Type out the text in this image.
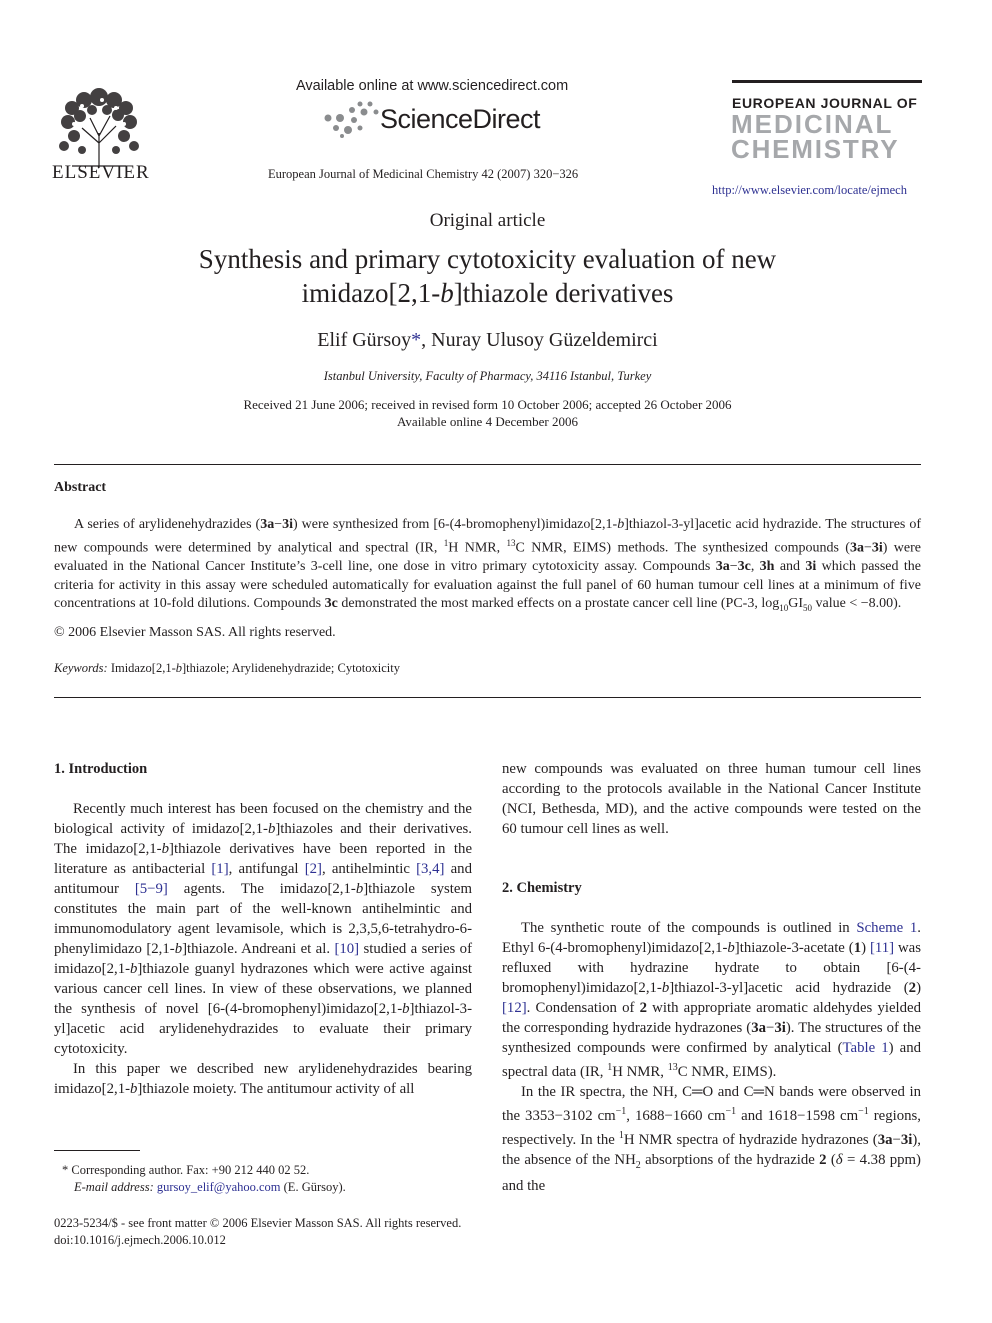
ELSEVIER
Available online at www.sciencedirect.com
ScienceDirect
European Journal of Medicinal Chemistry 42 (2007) 320−326
EUROPEAN JOURNAL OF
MEDICINAL
CHEMISTRY
http://www.elsevier.com/locate/ejmech
Original article
Synthesis and primary cytotoxicity evaluation of new
imidazo[2,1-b]thiazole derivatives
Elif Gürsoy*, Nuray Ulusoy Güzeldemirci
Istanbul University, Faculty of Pharmacy, 34116 Istanbul, Turkey
Received 21 June 2006; received in revised form 10 October 2006; accepted 26 October 2006
Available online 4 December 2006
Abstract

A series of arylidenehydrazides (3a−3i) were synthesized from [6-(4-bromophenyl)imidazo[2,1-b]thiazol-3-yl]acetic acid hydrazide. The structures of new compounds were determined by analytical and spectral (IR, $^1$H NMR, $^{13}$C NMR, EIMS) methods. The synthesized compounds (3a−3i) were evaluated in the National Cancer Institute’s 3-cell line, one dose in vitro primary cytotoxicity assay. Compounds 3a−3c, 3h and 3i which passed the criteria for activity in this assay were scheduled automatically for evaluation against the full panel of 60 human tumour cell lines at a minimum of five concentrations at 10-fold dilutions. Compounds 3c demonstrated the most marked effects on a prostate cancer cell line (PC-3, $\log_{10}GI_{50}$ value < −8.00).

© 2006 Elsevier Masson SAS. All rights reserved.
Keywords: Imidazo[2,1-b]thiazole; Arylidenehydrazide; Cytotoxicity
1. Introduction

Recently much interest has been focused on the chemistry and the biological activity of imidazo[2,1-b]thiazoles and their derivatives. The imidazo[2,1-b]thiazole derivatives have been reported in the literature as antibacterial [1], antifungal [2], antihelmintic [3,4] and antitumour [5−9] agents. The imidazo[2,1-b]thiazole system constitutes the main part of the well-known antihelmintic and immunomodulatory agent levamisole, which is 2,3,5,6-tetrahydro-6-phenylimidazo [2,1-b]thiazole. Andreani et al. [10] studied a series of imidazo[2,1-b]thiazole guanyl hydrazones which were active against various cancer cell lines. In view of these observations, we planned the synthesis of novel [6-(4-bromophenyl)imidazo[2,1-b]thiazol-3-yl]acetic acid arylidenehydrazides to evaluate their primary cytotoxicity.

In this paper we described new arylidenehydrazides bearing imidazo[2,1-b]thiazole moiety. The antitumour activity of all

new compounds was evaluated on three human tumour cell lines according to the protocols available in the National Cancer Institute (NCI, Bethesda, MD), and the active compounds were tested on the 60 tumour cell lines as well.

2. Chemistry

The synthetic route of the compounds is outlined in Scheme 1. Ethyl 6-(4-bromophenyl)imidazo[2,1-b]thiazole-3-acetate (1) [11] was refluxed with hydrazine hydrate to obtain [6-(4-bromophenyl)imidazo[2,1-b]thiazol-3-yl]acetic acid hydrazide (2) [12]. Condensation of 2 with appropriate aromatic aldehydes yielded the corresponding hydrazide hydrazones (3a−3i). The structures of the synthesized compounds were confirmed by analytical (Table 1) and spectral data (IR, $^1$H NMR, $^{13}$C NMR, EIMS).

In the IR spectra, the NH, C═O and C═N bands were observed in the 3353−3102 $cm^{-1}$, 1688−1660 $cm^{-1}$ and 1618−1598 $cm^{-1}$ regions, respectively. In the $^1$H NMR spectra of hydrazide hydrazones (3a−3i), the absence of the $NH_2$ absorptions of the hydrazide 2 (δ = 4.38 ppm) and the

* Corresponding author. Fax: +90 212 440 02 52.
E-mail address: gursoy_elif@yahoo.com (E. Gürsoy).
0223-5234/$ - see front matter © 2006 Elsevier Masson SAS. All rights reserved.
doi:10.1016/j.ejmech.2006.10.012
